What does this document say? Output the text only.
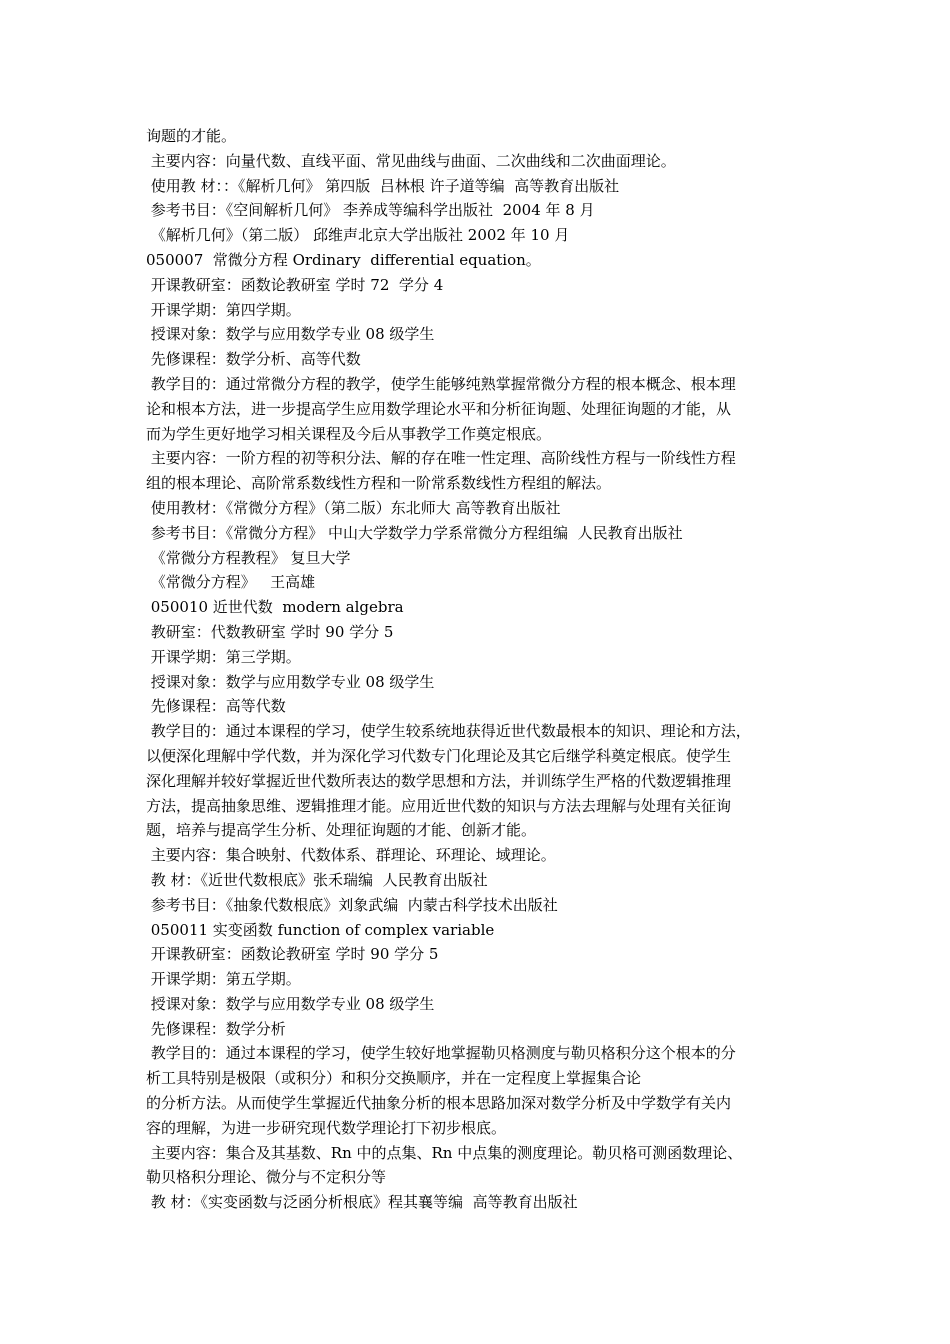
询题的才能。
主要内容：向量代数、直线平面、常见曲线与曲面、二次曲线和二次曲面理论。
使用教 材：：《解析几何》 第四版  吕林根 许子道等编  高等教育出版社
参考书目：《空间解析几何》 李养成等编科学出版社  2004 年 8 月
《解析几何》（第二版） 邱维声北京大学出版社 2002 年 10 月
050007  常微分方程 Ordinary  differential equation。
开课教研室：函数论教研室 学时 72  学分 4
开课学期：第四学期。
授课对象：数学与应用数学专业 08 级学生
先修课程：数学分析、高等代数
教学目的：通过常微分方程的教学，使学生能够纯熟掌握常微分方程的根本概念、根本理
论和根本方法，进一步提高学生应用数学理论水平和分析征询题、处理征询题的才能，从
而为学生更好地学习相关课程及今后从事教学工作奠定根底。
主要内容：一阶方程的初等积分法、解的存在唯一性定理、高阶线性方程与一阶线性方程
组的根本理论、高阶常系数线性方程和一阶常系数线性方程组的解法。
使用教材：《常微分方程》（第二版）东北师大 高等教育出版社
参考书目：《常微分方程》 中山大学数学力学系常微分方程组编  人民教育出版社
《常微分方程教程》 复旦大学
《常微分方程》   王高雄
050010 近世代数  modern algebra
教研室：代数教研室 学时 90 学分 5
开课学期：第三学期。
授课对象：数学与应用数学专业 08 级学生
先修课程：高等代数
教学目的：通过本课程的学习，使学生较系统地获得近世代数最根本的知识、理论和方法，
以便深化理解中学代数，并为深化学习代数专门化理论及其它后继学科奠定根底。使学生
深化理解并较好掌握近世代数所表达的数学思想和方法，并训练学生严格的代数逻辑推理
方法，提高抽象思维、逻辑推理才能。应用近世代数的知识与方法去理解与处理有关征询
题，培养与提高学生分析、处理征询题的才能、创新才能。
主要内容：集合映射、代数体系、群理论、环理论、域理论。
教 材：《近世代数根底》张禾瑞编  人民教育出版社
参考书目：《抽象代数根底》刘象武编  内蒙古科学技术出版社
050011 实变函数 function of complex variable
开课教研室：函数论教研室 学时 90 学分 5
开课学期：第五学期。
授课对象：数学与应用数学专业 08 级学生
先修课程：数学分析
教学目的：通过本课程的学习，使学生较好地掌握勒贝格测度与勒贝格积分这个根本的分
析工具特别是极限（或积分）和积分交换顺序，并在一定程度上掌握集合论
的分析方法。从而使学生掌握近代抽象分析的根本思路加深对数学分析及中学数学有关内
容的理解，为进一步研究现代数学理论打下初步根底。
主要内容：集合及其基数、Rn 中的点集、Rn 中点集的测度理论。勒贝格可测函数理论、
勒贝格积分理论、微分与不定积分等
教 材：《实变函数与泛函分析根底》程其襄等编  高等教育出版社
